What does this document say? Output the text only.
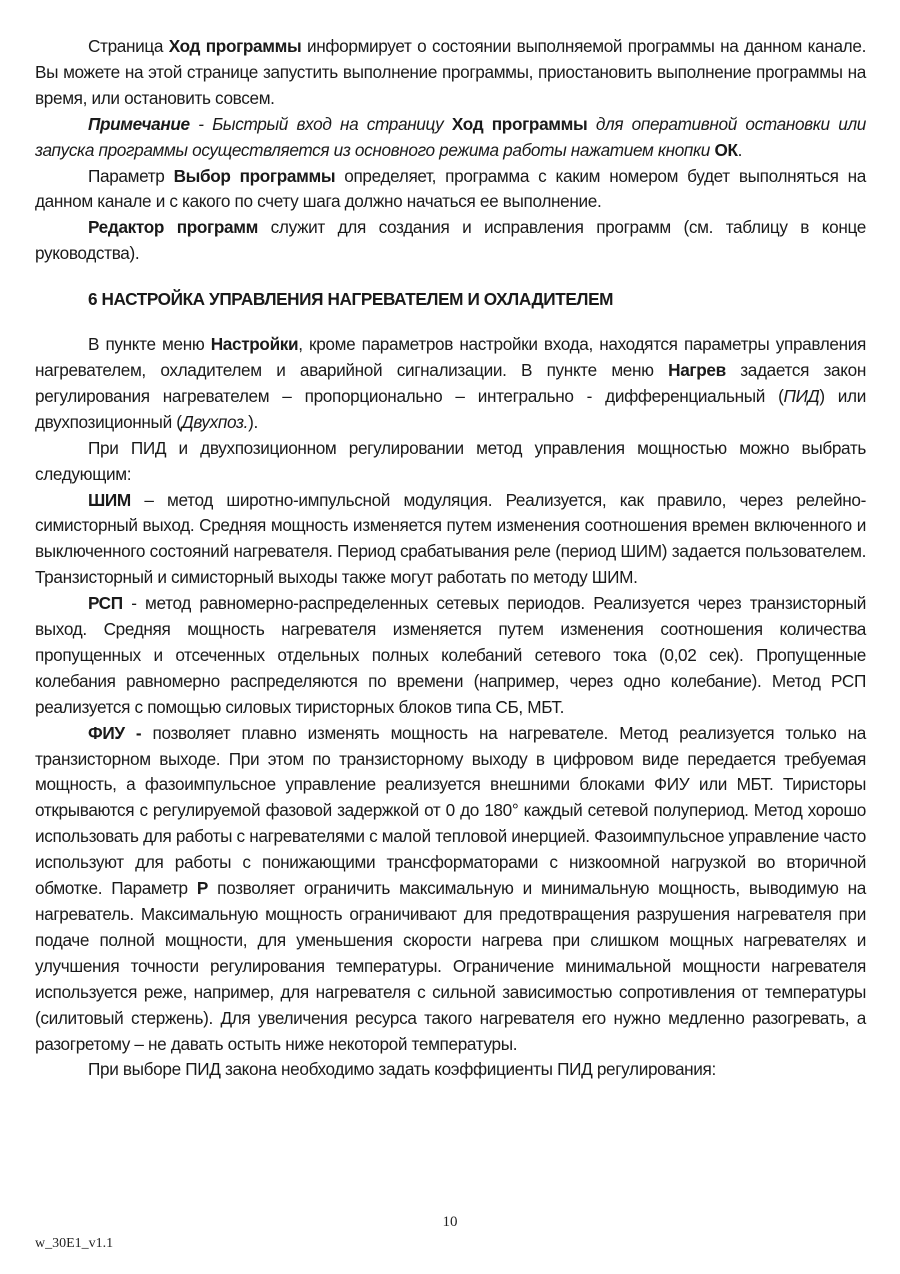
Страница Ход программы информирует о состоянии выполняемой программы на данном канале. Вы можете на этой странице запустить выполнение программы, приостановить выполнение программы на время, или остановить совсем.

Примечание - Быстрый вход на страницу Ход программы для оперативной остановки или запуска программы осуществляется из основного режима работы нажатием кнопки ОК.

Параметр Выбор программы определяет, программа с каким номером будет выполняться на данном канале и с какого по счету шага должно начаться ее выполнение.

Редактор программ служит для создания и исправления программ (см. таблицу в конце руководства).

6 НАСТРОЙКА УПРАВЛЕНИЯ НАГРЕВАТЕЛЕМ И ОХЛАДИТЕЛЕМ

В пункте меню Настройки, кроме параметров настройки входа, находятся параметры управления нагревателем, охладителем и аварийной сигнализации. В пункте меню Нагрев задается закон регулирования нагревателем – пропорционально – интегрально - дифференциальный (ПИД) или двухпозиционный (Двухпоз.).

При ПИД и двухпозиционном регулировании метод управления мощностью можно выбрать следующим:

ШИМ – метод широтно-импульсной модуляция. Реализуется, как правило, через релейно-симисторный выход. Средняя мощность изменяется путем изменения соотношения времен включенного и выключенного состояний нагревателя. Период срабатывания реле (период ШИМ) задается пользователем. Транзисторный и симисторный выходы также могут работать по методу ШИМ.

РСП - метод равномерно-распределенных сетевых периодов. Реализуется через транзисторный выход. Средняя мощность нагревателя изменяется путем изменения соотношения количества пропущенных и отсеченных отдельных полных колебаний сетевого тока (0,02 сек). Пропущенные колебания равномерно распределяются по времени (например, через одно колебание). Метод РСП реализуется с помощью силовых тиристорных блоков типа СБ, МБТ.

ФИУ - позволяет плавно изменять мощность на нагревателе. Метод реализуется только на транзисторном выходе. При этом по транзисторному выходу в цифровом виде передается требуемая мощность, а фазоимпульсное управление реализуется внешними блоками ФИУ или МБТ. Тиристоры открываются с регулируемой фазовой задержкой от 0 до 180° каждый сетевой полупериод. Метод хорошо использовать для работы с нагревателями с малой тепловой инерцией. Фазоимпульсное управление часто используют для работы с понижающими трансформаторами с низкоомной нагрузкой во вторичной обмотке. Параметр Р позволяет ограничить максимальную и минимальную мощность, выводимую на нагреватель. Максимальную мощность ограничивают для предотвращения разрушения нагревателя при подаче полной мощности, для уменьшения скорости нагрева при слишком мощных нагревателях и улучшения точности регулирования температуры. Ограничение минимальной мощности нагревателя используется реже, например, для нагревателя с сильной зависимостью сопротивления от температуры (силитовый стержень). Для увеличения ресурса такого нагревателя его нужно медленно разогревать, а разогретому – не давать остыть ниже некоторой температуры.

При выборе ПИД закона необходимо задать коэффициенты ПИД регулирования:

10
w_30E1_v1.1
